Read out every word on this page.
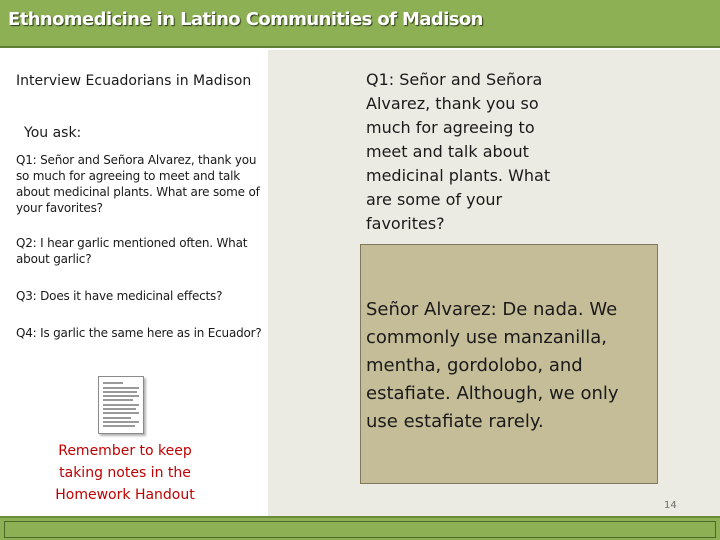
Ethnomedicine in Latino Communities of Madison
Interview Ecuadorians in Madison
You ask:
Q1: Señor and Señora Alvarez, thank you so much for agreeing to meet and talk about medicinal plants. What are some of your favorites?
Q2: I hear garlic mentioned often. What about garlic?
Q3: Does it have medicinal effects?
Q4: Is garlic the same here as in Ecuador?
Remember to keep taking notes in the Homework Handout
Q1: Señor and Señora Alvarez, thank you so much for agreeing to meet and talk about medicinal plants. What are some of your favorites?
Señor Alvarez: De nada. We commonly use manzanilla, mentha, gordolobo, and estafiate. Although, we only use estafiate rarely.
14
